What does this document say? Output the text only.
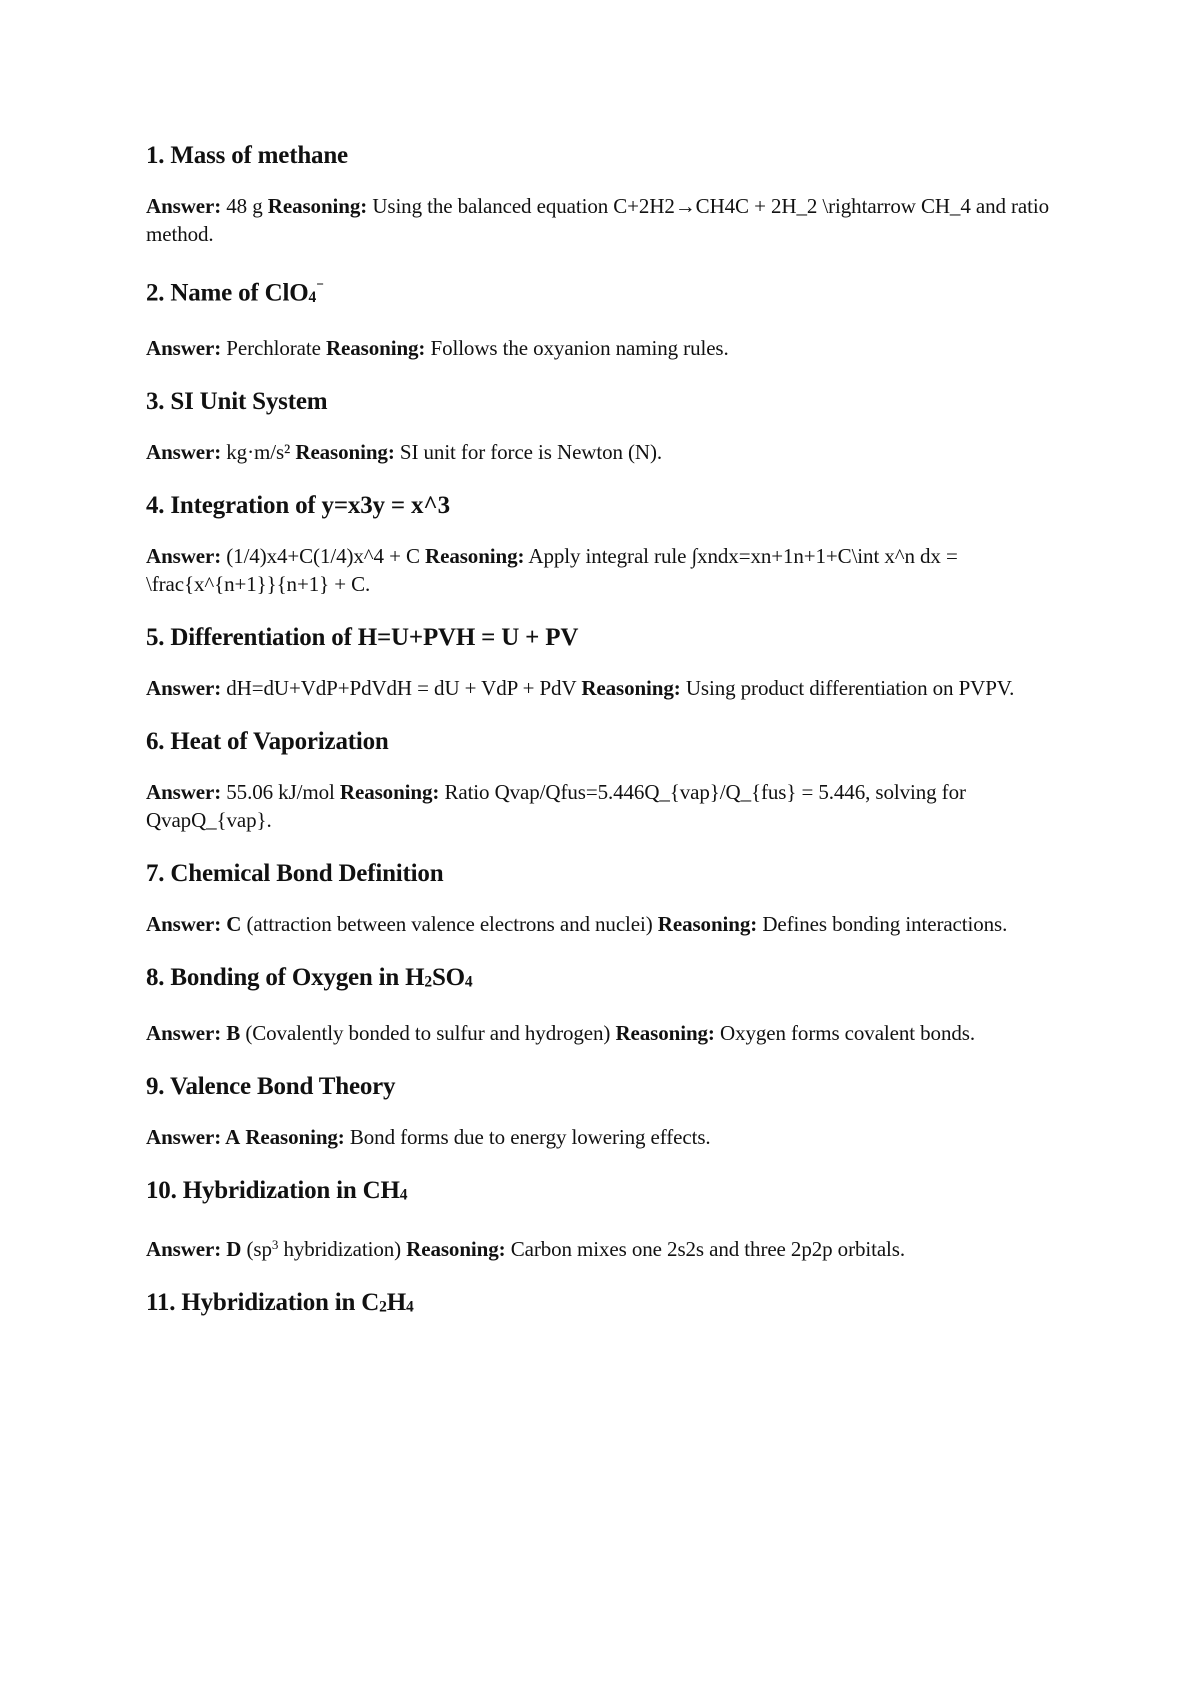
1. Mass of methane
Answer: 48 g Reasoning: Using the balanced equation C+2H2→CH4C + 2H_2 \rightarrow CH_4 and ratio method.
2. Name of ClO4⁻
Answer: Perchlorate Reasoning: Follows the oxyanion naming rules.
3. SI Unit System
Answer: kg·m/s² Reasoning: SI unit for force is Newton (N).
4. Integration of y=x3y = x^3
Answer: (1/4)x4+C(1/4)x^4 + C Reasoning: Apply integral rule ∫xndx=xn+1n+1+C\int x^n dx = \frac{x^{n+1}}{n+1} + C.
5. Differentiation of H=U+PVH = U + PV
Answer: dH=dU+VdP+PdVdH = dU + VdP + PdV Reasoning: Using product differentiation on PVPV.
6. Heat of Vaporization
Answer: 55.06 kJ/mol Reasoning: Ratio Qvap/Qfus=5.446Q_{vap}/Q_{fus} = 5.446, solving for QvapQ_{vap}.
7. Chemical Bond Definition
Answer: C (attraction between valence electrons and nuclei) Reasoning: Defines bonding interactions.
8. Bonding of Oxygen in H2SO4
Answer: B (Covalently bonded to sulfur and hydrogen) Reasoning: Oxygen forms covalent bonds.
9. Valence Bond Theory
Answer: A Reasoning: Bond forms due to energy lowering effects.
10. Hybridization in CH4
Answer: D ($sp^3$ hybridization) Reasoning: Carbon mixes one 2s2s and three 2p2p orbitals.
11. Hybridization in C2H4
